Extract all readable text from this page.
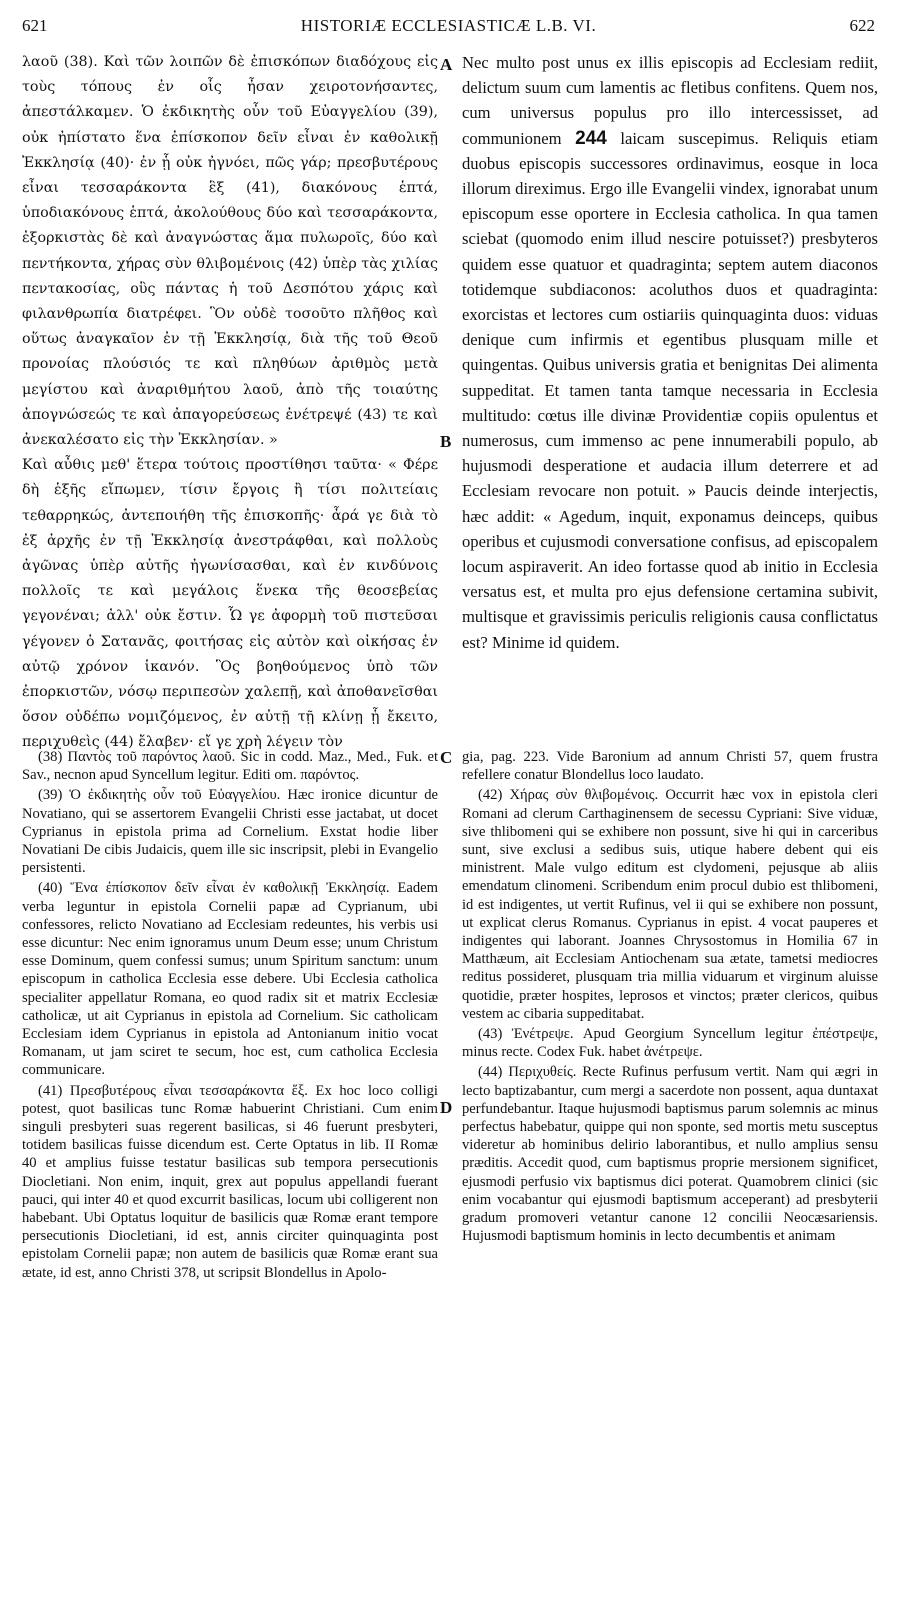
621	HISTORIÆ ECCLESIASTICÆ L.B. VI.	622
A
B
C
D

λαοῦ (38). Καὶ τῶν λοιπῶν δὲ ἐπισκόπων διαδόχους εἰς τοὺς τόπους ἐν οἷς ἦσαν χειροτονήσαντες, ἀπεστάλκαμεν. Ὁ ἐκδικητὴς οὖν τοῦ Εὐαγγελίου (39), οὐκ ἠπίστατο ἕνα ἐπίσκοπον δεῖν εἶναι ἐν καθολικῇ Ἐκκλησίᾳ (40)· ἐν ᾗ οὐκ ἠγνόει, πῶς γάρ; πρεσβυτέρους εἶναι τεσσαράκοντα ἓξ (41), διακόνους ἑπτά, ὑποδιακόνους ἑπτά, ἀκολούθους δύο καὶ τεσσαράκοντα, ἐξορκιστὰς δὲ καὶ ἀναγνώστας ἅμα πυλωροῖς, δύο καὶ πεντήκοντα, χήρας σὺν θλιβομένοις (42) ὑπὲρ τὰς χιλίας πεντακοσίας, οὓς πάντας ἡ τοῦ Δεσπότου χάρις καὶ φιλανθρωπία διατρέφει. Ὃν οὐδὲ τοσοῦτο πλῆθος καὶ οὕτως ἀναγκαῖον ἐν τῇ Ἐκκλησίᾳ, διὰ τῆς τοῦ Θεοῦ προνοίας πλούσιός τε καὶ πληθύων ἀριθμὸς μετὰ μεγίστου καὶ ἀναριθμήτου λαοῦ, ἀπὸ τῆς τοιαύτης ἀπογνώσεώς τε καὶ ἀπαγορεύσεως ἐνέτρεψέ (43) τε καὶ ἀνεκαλέσατο εἰς τὴν Ἐκκλησίαν. »

Καὶ αὖθις μεθ' ἕτερα τούτοις προστίθησι ταῦτα· « Φέρε δὴ ἑξῆς εἴπωμεν, τίσιν ἔργοις ἢ τίσι πολιτείαις τεθαρρηκώς, ἀντεποιήθη τῆς ἐπισκοπῆς· ἆρά γε διὰ τὸ ἐξ ἀρχῆς ἐν τῇ Ἐκκλησίᾳ ἀνεστράφθαι, καὶ πολλοὺς ἀγῶνας ὑπὲρ αὐτῆς ἠγωνίσασθαι, καὶ ἐν κινδύνοις πολλοῖς τε καὶ μεγάλοις ἕνεκα τῆς θεοσεβείας γεγονέναι; ἀλλ' οὐκ ἔστιν. Ὧ γε ἀφορμὴ τοῦ πιστεῦσαι γέγονεν ὁ Σατανᾶς, φοιτήσας εἰς αὐτὸν καὶ οἰκήσας ἐν αὐτῷ χρόνον ἱκανόν. Ὃς βοηθούμενος ὑπὸ τῶν ἐπορκιστῶν, νόσῳ περιπεσὼν χαλεπῇ, καὶ ἀποθανεῖσθαι ὅσον οὐδέπω νομιζόμενος, ἐν αὐτῇ τῇ κλίνῃ ᾗ ἔκειτο, περιχυθεὶς (44) ἔλαβεν· εἴ γε χρὴ λέγειν τὸν

Nec multo post unus ex illis episcopis ad Ecclesiam rediit, delictum suum cum lamentis ac fletibus confitens. Quem nos, cum universus populus pro illo intercessisset, ad communionem 244 laicam suscepimus. Reliquis etiam duobus episcopis successores ordinavimus, eosque in loca illorum direximus. Ergo ille Evangelii vindex, ignorabat unum episcopum esse oportere in Ecclesia catholica. In qua tamen sciebat (quomodo enim illud nescire potuisset?) presbyteros quidem esse quatuor et quadraginta; septem autem diaconos totidemque subdiaconos: acoluthos duos et quadraginta: exorcistas et lectores cum ostiariis quinquaginta duos: viduas denique cum infirmis et egentibus plusquam mille et quingentas. Quibus universis gratia et benignitas Dei alimenta suppeditat. Et tamen tanta tamque necessaria in Ecclesia multitudo: cœtus ille divinæ Providentiæ copiis opulentus et numerosus, cum immenso ac pene innumerabili populo, ab hujusmodi desperatione et audacia illum deterrere et ad Ecclesiam revocare non potuit. » Paucis deinde interjectis, hæc addit: « Agedum, inquit, exponamus deinceps, quibus operibus et cujusmodi conversatione confisus, ad episcopalem locum aspiraverit. An ideo fortasse quod ab initio in Ecclesia versatus est, et multa pro ejus defensione certamina subivit, multisque et gravissimis periculis religionis causa conflictatus est? Minime id quidem.

(38) Παντὸς τοῦ παρόντος λαοῦ. Sic in codd. Maz., Med., Fuk. et Sav., necnon apud Syncellum legitur. Editi om. παρόντος.

(39) Ὁ ἐκδικητὴς οὖν τοῦ Εὐαγγελίου. Hæc ironice dicuntur de Novatiano, qui se assertorem Evangelii Christi esse jactabat, ut docet Cyprianus in epistola prima ad Cornelium. Exstat hodie liber Novatiani De cibis Judaicis, quem ille sic inscripsit, plebi in Evangelio persistenti.

(40) Ἕνα ἐπίσκοπον δεῖν εἶναι ἐν καθολικῇ Ἐκκλησίᾳ. Eadem verba leguntur in epistola Cornelii papæ ad Cyprianum, ubi confessores, relicto Novatiano ad Ecclesiam redeuntes, his verbis usi esse dicuntur: Nec enim ignoramus unum Deum esse; unum Christum esse Dominum, quem confessi sumus; unum Spiritum sanctum: unum episcopum in catholica Ecclesia esse debere. Ubi Ecclesia catholica specialiter appellatur Romana, eo quod radix sit et matrix Ecclesiæ catholicæ, ut ait Cyprianus in epistola ad Cornelium. Sic catholicam Ecclesiam idem Cyprianus in epistola ad Antonianum initio vocat Romanam, ut jam sciret te secum, hoc est, cum catholica Ecclesia communicare.

(41) Πρεσβυτέρους εἶναι τεσσαράκοντα ἕξ. Ex hoc loco colligi potest, quot basilicas tunc Romæ habuerint Christiani. Cum enim singuli presbyteri suas regerent basilicas, si 46 fuerunt presbyteri, totidem basilicas fuisse dicendum est. Certe Optatus in lib. II Romæ 40 et amplius fuisse testatur basilicas sub tempora persecutionis Diocletiani. Non enim, inquit, grex aut populus appellandi fuerant pauci, qui inter 40 et quod excurrit basilicas, locum ubi colligerent non habebant. Ubi Optatus loquitur de basilicis quæ Romæ erant tempore persecutionis Diocletiani, id est, annis circiter quinquaginta post epistolam Cornelii papæ; non autem de basilicis quæ Romæ erant sua ætate, id est, anno Christi 378, ut scripsit Blondellus in Apolo-

gia, pag. 223. Vide Baronium ad annum Christi 57, quem frustra refellere conatur Blondellus loco laudato.

(42) Χήρας σὺν θλιβομένοις. Occurrit hæc vox in epistola cleri Romani ad clerum Carthaginensem de secessu Cypriani: Sive viduæ, sive thlibomeni qui se exhibere non possunt, sive hi qui in carceribus sunt, sive exclusi a sedibus suis, utique habere debent qui eis ministrent. Male vulgo editum est clydomeni, pejusque ab aliis emendatum clinomeni. Scribendum enim procul dubio est thlibomeni, id est indigentes, ut vertit Rufinus, vel ii qui se exhibere non possunt, ut explicat clerus Romanus. Cyprianus in epist. 4 vocat pauperes et indigentes qui laborant. Joannes Chrysostomus in Homilia 67 in Matthæum, ait Ecclesiam Antiochenam sua ætate, tametsi mediocres reditus possideret, plusquam tria millia viduarum et virginum aluisse quotidie, præter hospites, leprosos et vinctos; præter clericos, quibus vestem ac cibaria suppeditabat.

(43) Ἐνέτρεψε. Apud Georgium Syncellum legitur ἐπέστρεψε, minus recte. Codex Fuk. habet ἀνέτρεψε.

(44) Περιχυθείς. Recte Rufinus perfusum vertit. Nam qui ægri in lecto baptizabantur, cum mergi a sacerdote non possent, aqua duntaxat perfundebantur. Itaque hujusmodi baptismus parum solemnis ac minus perfectus habebatur, quippe qui non sponte, sed mortis metu susceptus videretur ab hominibus delirio laborantibus, et nullo amplius sensu præditis. Accedit quod, cum baptismus proprie mersionem significet, ejusmodi perfusio vix baptismus dici poterat. Quamobrem clinici (sic enim vocabantur qui ejusmodi baptismum acceperant) ad presbyterii gradum promoveri vetantur canone 12 concilii Neocæsariensis. Hujusmodi baptismum hominis in lecto decumbentis et animam
